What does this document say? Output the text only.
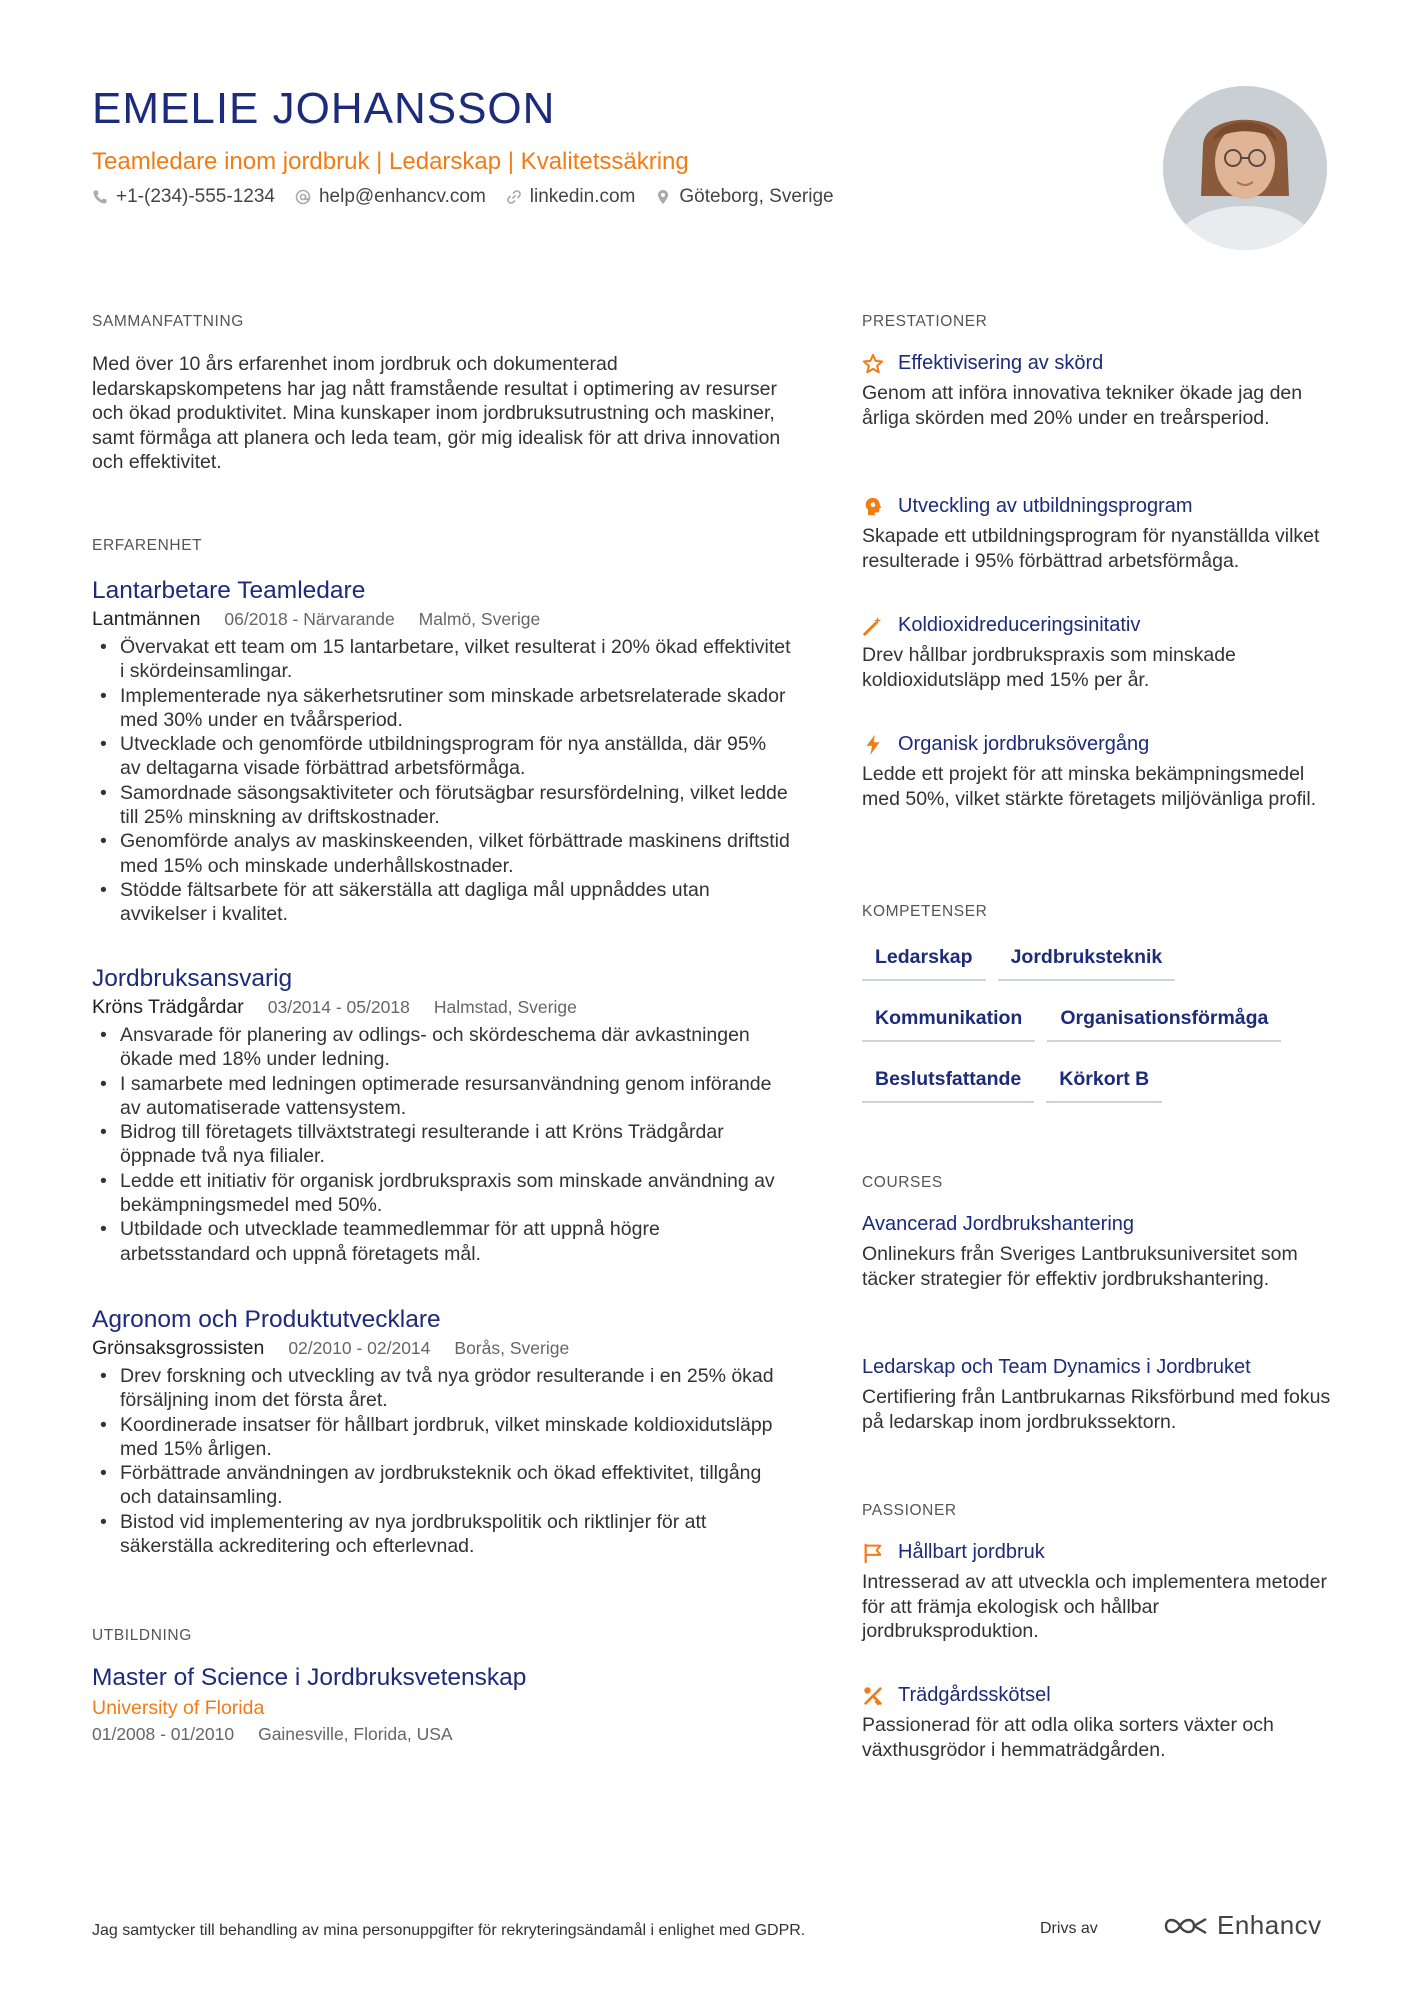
EMELIE JOHANSSON
Teamledare inom jordbruk | Ledarskap | Kvalitetssäkring
+1-(234)-555-1234 help@enhancv.com linkedin.com Göteborg, Sverige
SAMMANFATTNING
Med över 10 års erfarenhet inom jordbruk och dokumenterad ledarskapskompetens har jag nått framstående resultat i optimering av resurser och ökad produktivitet. Mina kunskaper inom jordbruksutrustning och maskiner, samt förmåga att planera och leda team, gör mig idealisk för att driva innovation och effektivitet.
ERFARENHET
Lantarbetare Teamledare
Lantmännen 06/2018 - Närvarande Malmö, Sverige
• Övervakat ett team om 15 lantarbetare, vilket resulterat i 20% ökad effektivitet i skördeinsamlingar.
• Implementerade nya säkerhetsrutiner som minskade arbetsrelaterade skador med 30% under en tvåårsperiod.
• Utvecklade och genomförde utbildningsprogram för nya anställda, där 95% av deltagarna visade förbättrad arbetsförmåga.
• Samordnade säsongsaktiviteter och förutsägbar resursfördelning, vilket ledde till 25% minskning av driftskostnader.
• Genomförde analys av maskinskeenden, vilket förbättrade maskinens driftstid med 15% och minskade underhållskostnader.
• Stödde fältsarbete för att säkerställa att dagliga mål uppnåddes utan avvikelser i kvalitet.
Jordbruksansvarig
Kröns Trädgårdar 03/2014 - 05/2018 Halmstad, Sverige
• Ansvarade för planering av odlings- och skördeschema där avkastningen ökade med 18% under ledning.
• I samarbete med ledningen optimerade resursanvändning genom införande av automatiserade vattensystem.
• Bidrog till företagets tillväxtstrategi resulterande i att Kröns Trädgårdar öppnade två nya filialer.
• Ledde ett initiativ för organisk jordbrukspraxis som minskade användning av bekämpningsmedel med 50%.
• Utbildade och utvecklade teammedlemmar för att uppnå högre arbetsstandard och uppnå företagets mål.
Agronom och Produktutvecklare
Grönsaksgrossisten 02/2010 - 02/2014 Borås, Sverige
• Drev forskning och utveckling av två nya grödor resulterande i en 25% ökad försäljning inom det första året.
• Koordinerade insatser för hållbart jordbruk, vilket minskade koldioxidutsläpp med 15% årligen.
• Förbättrade användningen av jordbruksteknik och ökad effektivitet, tillgång och datainsamling.
• Bistod vid implementering av nya jordbrukspolitik och riktlinjer för att säkerställa ackreditering och efterlevnad.
UTBILDNING
Master of Science i Jordbruksvetenskap
University of Florida
01/2008 - 01/2010 Gainesville, Florida, USA
PRESTATIONER
Effektivisering av skörd
Genom att införa innovativa tekniker ökade jag den årliga skörden med 20% under en treårsperiod.
Utveckling av utbildningsprogram
Skapade ett utbildningsprogram för nyanställda vilket resulterade i 95% förbättrad arbetsförmåga.
Koldioxidreduceringsinitativ
Drev hållbar jordbrukspraxis som minskade koldioxidutsläpp med 15% per år.
Organisk jordbruksövergång
Ledde ett projekt för att minska bekämpningsmedel med 50%, vilket stärkte företagets miljövänliga profil.
KOMPETENSER
Ledarskap	Jordbruksteknik
Kommunikation	Organisationsförmåga
Beslutsfattande	Körkort B
COURSES
Avancerad Jordbrukshantering
Onlinekurs från Sveriges Lantbruksuniversitet som täcker strategier för effektiv jordbrukshantering.
Ledarskap och Team Dynamics i Jordbruket
Certifiering från Lantbrukarnas Riksförbund med fokus på ledarskap inom jordbrukssektorn.
PASSIONER
Hållbart jordbruk
Intresserad av att utveckla och implementera metoder för att främja ekologisk och hållbar jordbruksproduktion.
Trädgårdsskötsel
Passionerad för att odla olika sorters växter och växthusgrödor i hemmaträdgården.
Jag samtycker till behandling av mina personuppgifter för rekryteringsändamål i enlighet med GDPR.	Drivs av	Enhancv
